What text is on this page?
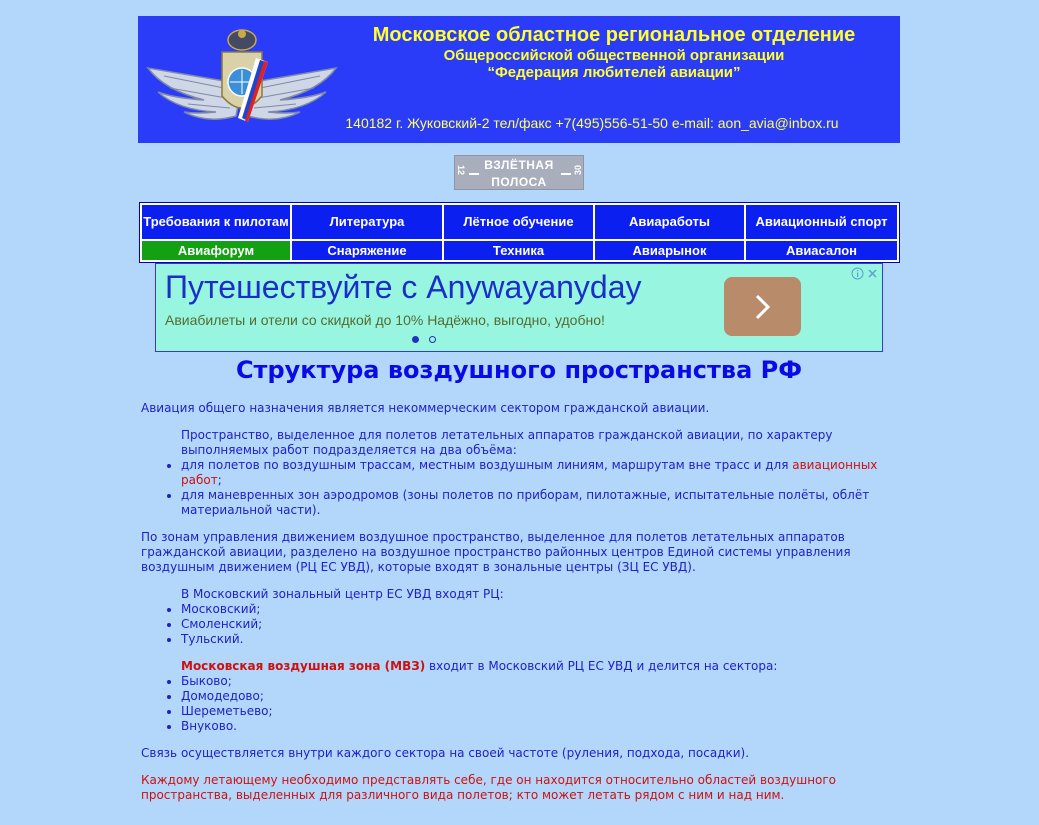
Московское областное региональное отделение
Общероссийской общественной организации
“Федерация любителей авиации”
140182 г. Жуковский-2 тел/факс +7(495)556-51-50 e-mail: aon_avia@inbox.ru
12	ВЗЛЁТНАЯ
ПОЛОСА
30
Требования к пилотам	Литература	Лётное обучение	Авиаработы	Авиационный спорт
Авиафорум	Снаряжение	Техника	Авиарынок	Авиасалон
Путешествуйте с Anywayanyday
Авиабилеты и отели со скидкой до 10% Надёжно, выгодно, удобно!
Структура воздушного пространства РФ

Авиация общего назначения является некоммерческим сектором гражданской авиации.

Пространство, выделенное для полетов летательных аппаратов гражданской авиации, по характеру выполняемых работ подразделяется на два объёма:

• для полетов по воздушным трассам, местным воздушным линиям, маршрутам вне трасс и для авиационных работ;
• для маневренных зон аэродромов (зоны полетов по приборам, пилотажные, испытательные полёты, облёт материальной части).

По зонам управления движением воздушное пространство, выделенное для полетов летательных аппаратов гражданской авиации, разделено на воздушное пространство районных центров Единой системы управления воздушным движением (РЦ ЕС УВД), которые входят в зональные центры (ЗЦ ЕС УВД).

В Московский зональный центр ЕС УВД входят РЦ:

• Московский;
• Смоленский;
• Тульский.

Московская воздушная зона (МВЗ) входит в Московский РЦ ЕС УВД и делится на сектора:

• Быково;
• Домодедово;
• Шереметьево;
• Внуково.

Связь осуществляется внутри каждого сектора на своей частоте (руления, подхода, посадки).

Каждому летающему необходимо представлять себе, где он находится относительно областей воздушного пространства, выделенных для различного вида полетов; кто может летать рядом с ним и над ним.
